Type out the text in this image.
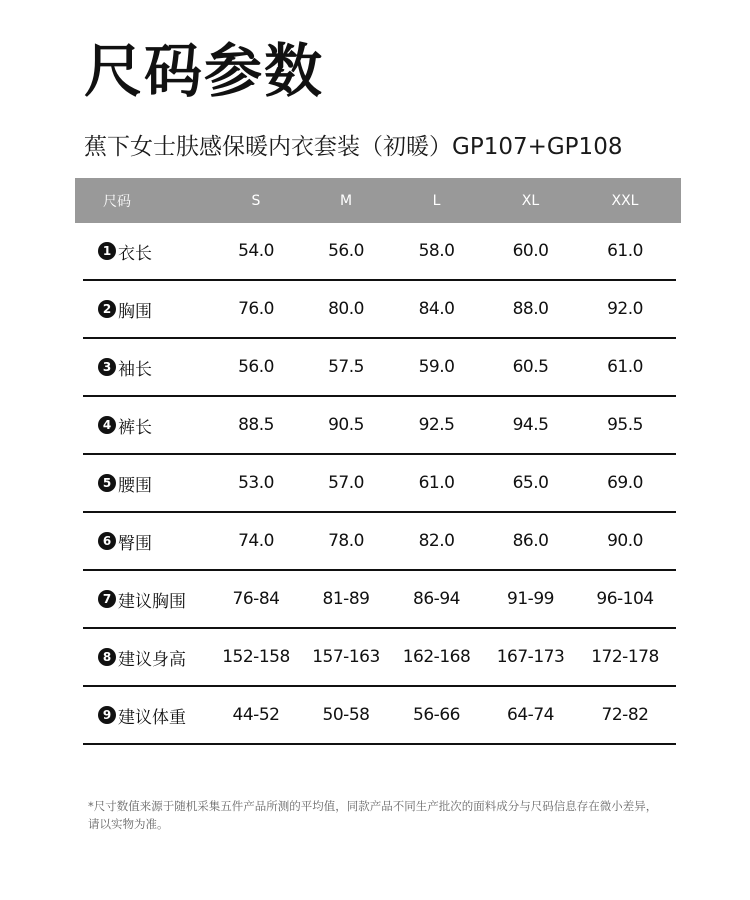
尺码参数
蕉下女士肤感保暖内衣套装（初暖）GP107+GP108
尺码	S	M	L	XL	XXL
1 衣长	54.0	56.0	58.0	60.0	61.0
2 胸围	76.0	80.0	84.0	88.0	92.0
3 袖长	56.0	57.5	59.0	60.5	61.0
4 裤长	88.5	90.5	92.5	94.5	95.5
5 腰围	53.0	57.0	61.0	65.0	69.0
6 臀围	74.0	78.0	82.0	86.0	90.0
7 建议胸围	76-84	81-89	86-94	91-99	96-104
8 建议身高	152-158	157-163	162-168	167-173	172-178
9 建议体重	44-52	50-58	56-66	64-74	72-82
*尺寸数值来源于随机采集五件产品所测的平均值，同款产品不同生产批次的面料成分与尺码信息存在微小差异，请以实物为准。
